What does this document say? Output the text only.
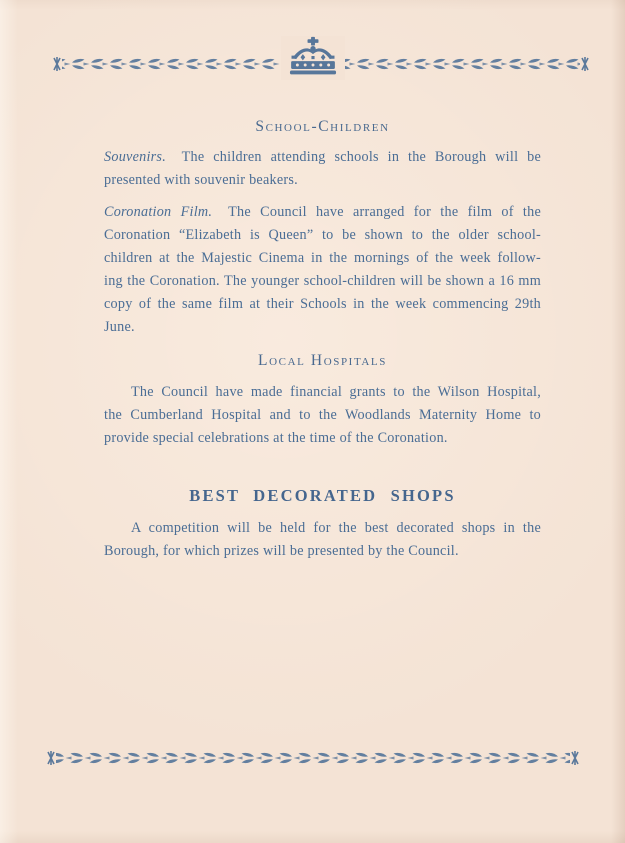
School-Children
Souvenirs. The children attending schools in the Borough will be
presented with souvenir beakers.
Coronation Film. The Council have arranged for the film of the
Coronation “Elizabeth is Queen” to be shown to the older school-
children at the Majestic Cinema in the mornings of the week follow-
ing the Coronation. The younger school-children will be shown a 16 mm
copy of the same film at their Schools in the week commencing 29th
June.
Local Hospitals
The Council have made financial grants to the Wilson Hospital,
the Cumberland Hospital and to the Woodlands Maternity Home to
provide special celebrations at the time of the Coronation.
BEST DECORATED SHOPS
A competition will be held for the best decorated shops in the
Borough, for which prizes will be presented by the Council.
